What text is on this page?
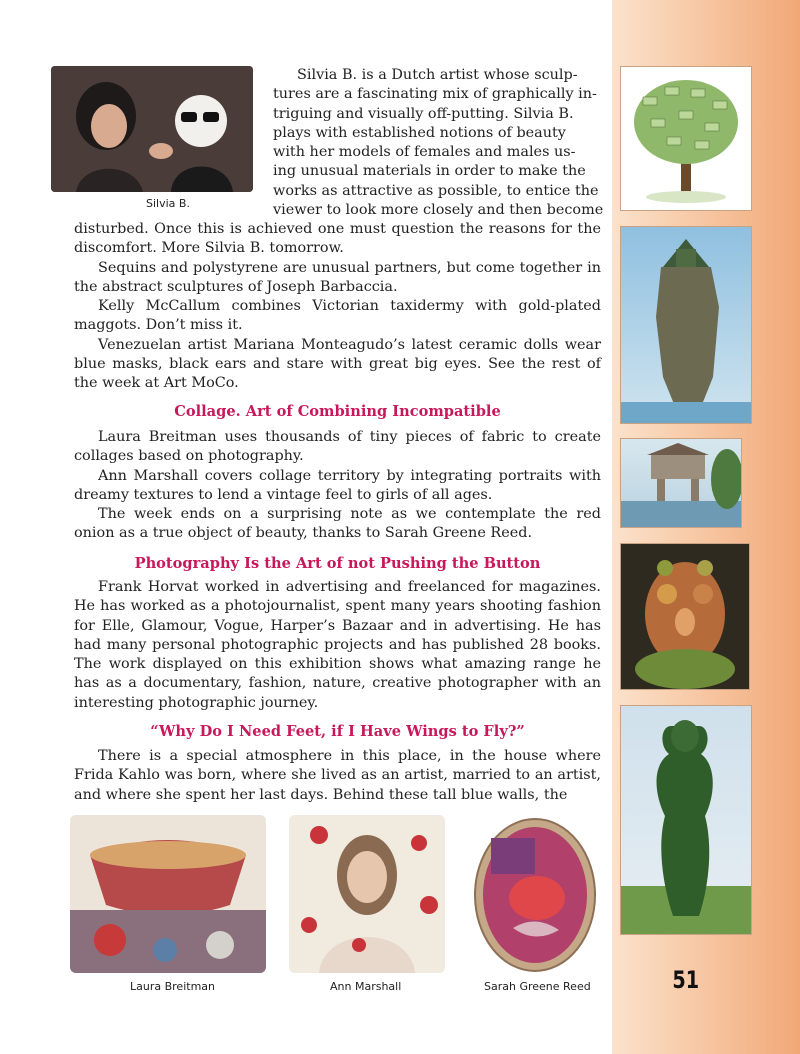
Silvia B.
Silvia B. is a Dutch artist whose sculp-
tures are a fascinating mix of graphically in-
triguing and visually off-putting. Silvia B.
plays with established notions of beauty
with her models of females and males us-
ing unusual materials in order to make the
works as attractive as possible, to entice the
viewer to look more closely and then become
disturbed. Once this is achieved one must question the reasons for the discomfort. More Silvia B. tomorrow.
Sequins and polystyrene are unusual partners, but come together in the abstract sculptures of Joseph Barbaccia.
Kelly McCallum combines Victorian taxidermy with gold-plated maggots. Don’t miss it.
Venezuelan artist Mariana Monteagudo’s latest ceramic dolls wear blue masks, black ears and stare with great big eyes. See the rest of the week at Art MoCo.
Collage. Art of Combining Incompatible
Laura Breitman uses thousands of tiny pieces of fabric to create collages based on photography.
Ann Marshall covers collage territory by integrating portraits with dreamy textures to lend a vintage feel to girls of all ages.
The week ends on a surprising note as we contemplate the red onion as a true object of beauty, thanks to Sarah Greene Reed.
Photography Is the Art of not Pushing the Button
Frank Horvat worked in advertising and freelanced for magazines. He has worked as a photojournalist, spent many years shooting fashion for Elle, Glamour, Vogue, Harper’s Bazaar and in advertising. He has had many personal photographic projects and has published 28 books. The work displayed on this exhibition shows what amazing range he has as a documentary, fashion, nature, creative photographer with an interesting photographic journey.
“Why Do I Need Feet, if I Have Wings to Fly?”
There is a special atmosphere in this place, in the house where Frida Kahlo was born, where she lived as an artist, married to an artist, and where she spent her last days. Behind these tall blue walls, the
Laura Breitman	Ann Marshall	Sarah Greene Reed	51
